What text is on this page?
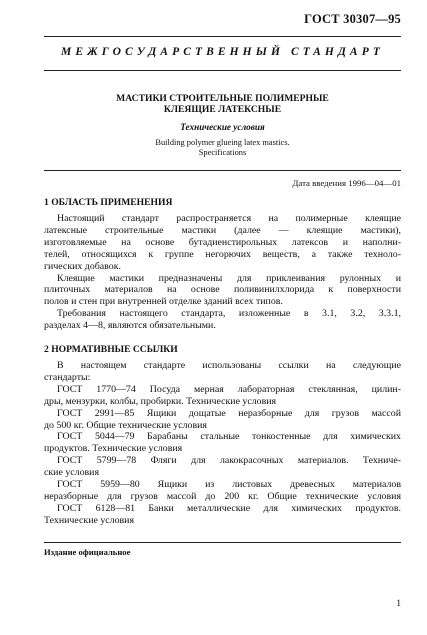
ГОСТ 30307—95
МЕЖГОСУДАРСТВЕННЫЙ СТАНДАРТ
МАСТИКИ СТРОИТЕЛЬНЫЕ ПОЛИМЕРНЫЕ
КЛЕЯЩИЕ ЛАТЕКСНЫЕ
Технические условия
Building polymer glueing latex mastics.
Specifications
Дата введения 1996—04—01
1 ОБЛАСТЬ ПРИМЕНЕНИЯ

Настоящий стандарт распространяется на полимерные клеящие

латексные строительные мастики (далее — клеящие мастики),

изготовляемые на основе бутадиенстирольных латексов и наполни-

телей, относящихся к группе негорючих веществ, а также техноло-

гических добавок.

Клеящие мастики предназначены для приклеивания рулонных и

плиточных материалов на основе поливинилхлорида к поверхности

полов и стен при внутренней отделке зданий всех типов.

Требования настоящего стандарта, изложенные в 3.1, 3.2, 3.3.1,

разделах 4—8, являются обязательными.

2 НОРМАТИВНЫЕ ССЫЛКИ

В настоящем стандарте использованы ссылки на следующие

стандарты:

ГОСТ 1770—74 Посуда мерная лабораторная стеклянная, цилин-

дры, мензурки, колбы, пробирки. Технические условия

ГОСТ 2991—85 Ящики дощатые неразборные для грузов массой

до 500 кг. Общие технические условия

ГОСТ 5044—79 Барабаны стальные тонкостенные для химических

продуктов. Технические условия

ГОСТ 5799—78 Фляги для лакокрасочных материалов. Техниче-

ские условия

ГОСТ 5959—80 Ящики из листовых древесных материалов

неразборные для грузов массой до 200 кг. Общие технические условия

ГОСТ 6128—81 Банки металлические для химических продуктов.

Технические условия

Издание официальное
1
